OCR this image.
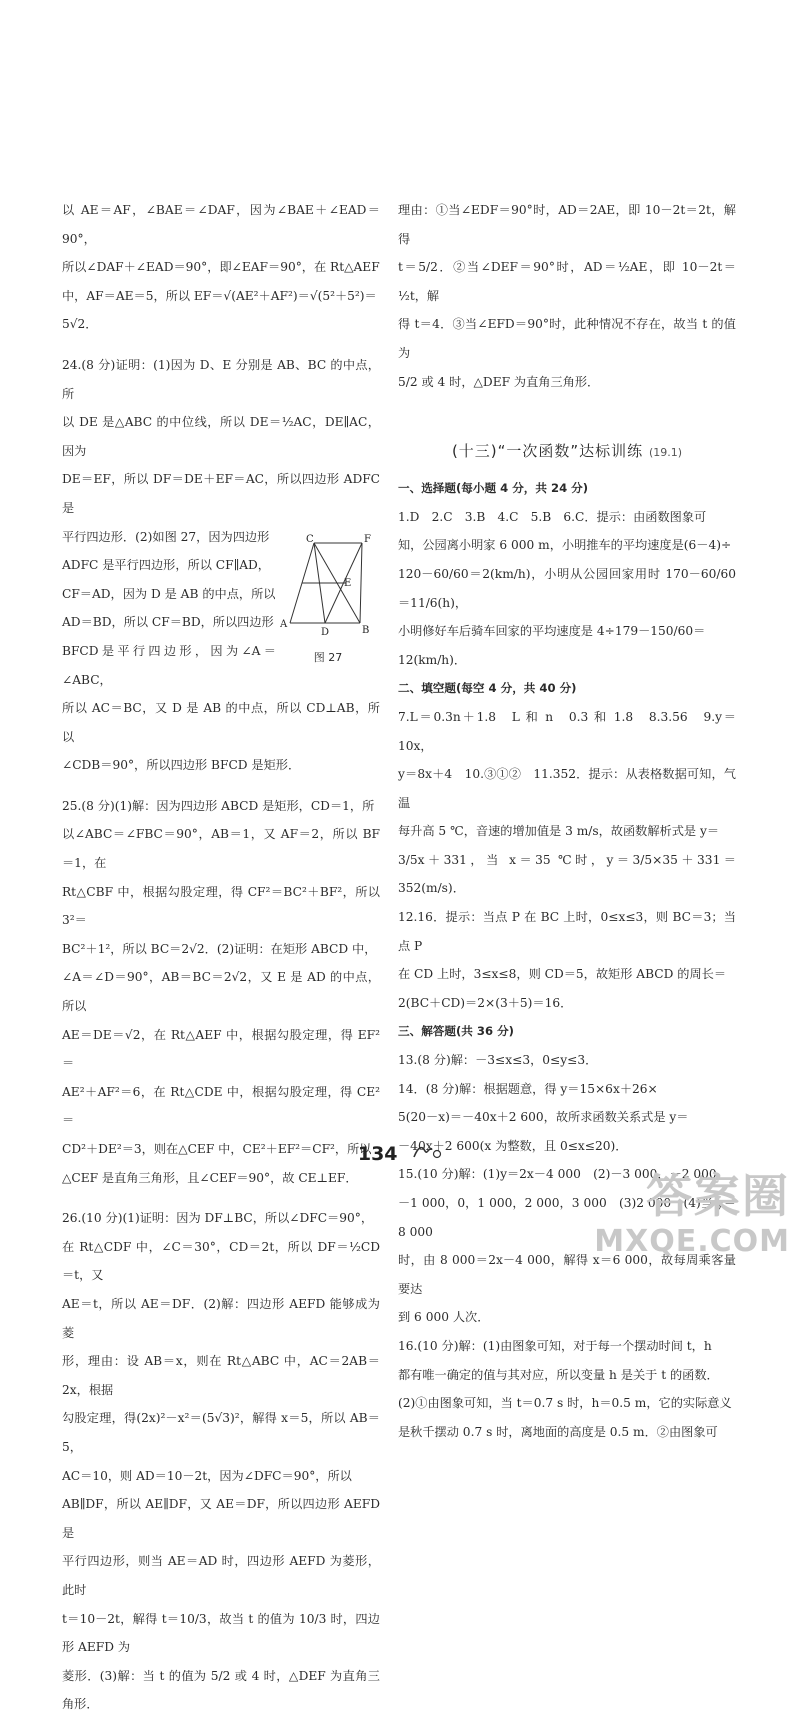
以 AE＝AF，∠BAE＝∠DAF，因为∠BAE＋∠EAD＝90°，

所以∠DAF＋∠EAD＝90°，即∠EAF＝90°，在 Rt△AEF

中，AF＝AE＝5，所以 EF＝√(AE²＋AF²)＝√(5²＋5²)＝

5√2．

24.(8 分)证明：(1)因为 D、E 分别是 AB、BC 的中点，所

以 DE 是△ABC 的中位线，所以 DE＝½AC，DE∥AC，因为

DE＝EF，所以 DF＝DE＋EF＝AC，所以四边形 ADFC 是

平行四边形．(2)如图 27，因为四边形

ADFC 是平行四边形，所以 CF∥AD，

CF＝AD，因为 D 是 AB 的中点，所以

AD＝BD，所以 CF＝BD，所以四边形

BFCD是平行四边形，因为∠A＝∠ABC，

C	F
E
A
D	B
图 27

所以 AC＝BC，又 D 是 AB 的中点，所以 CD⊥AB，所以

∠CDB＝90°，所以四边形 BFCD 是矩形．

25.(8 分)(1)解：因为四边形 ABCD 是矩形，CD＝1，所

以∠ABC＝∠FBC＝90°，AB＝1，又 AF＝2，所以 BF＝1，在

Rt△CBF 中，根据勾股定理，得 CF²＝BC²＋BF²，所以 3²＝

BC²＋1²，所以 BC＝2√2．(2)证明：在矩形 ABCD 中，

∠A＝∠D＝90°，AB＝BC＝2√2，又 E 是 AD 的中点，所以

AE＝DE＝√2，在 Rt△AEF 中，根据勾股定理，得 EF²＝

AE²＋AF²＝6，在 Rt△CDE 中，根据勾股定理，得 CE²＝

CD²＋DE²＝3，则在△CEF 中，CE²＋EF²＝CF²，所以

△CEF 是直角三角形，且∠CEF＝90°，故 CE⊥EF．

26.(10 分)(1)证明：因为 DF⊥BC，所以∠DFC＝90°，

在 Rt△CDF 中，∠C＝30°，CD＝2t，所以 DF＝½CD＝t，又

AE＝t，所以 AE＝DF．(2)解：四边形 AEFD 能够成为菱

形，理由：设 AB＝x，则在 Rt△ABC 中，AC＝2AB＝2x，根据

勾股定理，得(2x)²－x²＝(5√3)²，解得 x＝5，所以 AB＝5，

AC＝10，则 AD＝10－2t，因为∠DFC＝90°，所以

AB∥DF，所以 AE∥DF，又 AE＝DF，所以四边形 AEFD 是

平行四边形，则当 AE＝AD 时，四边形 AEFD 为菱形，此时

t＝10－2t，解得 t＝10/3，故当 t 的值为 10/3 时，四边形 AEFD 为

菱形．(3)解：当 t 的值为 5/2 或 4 时，△DEF 为直角三角形．

理由：①当∠EDF＝90°时，AD＝2AE，即 10－2t＝2t，解得

t＝5/2．②当∠DEF＝90°时，AD＝½AE，即 10－2t＝½t，解

得 t＝4．③当∠EFD＝90°时，此种情况不存在，故当 t 的值为

5/2 或 4 时，△DEF 为直角三角形．

(十三)“一次函数”达标训练 (19.1)

一、选择题(每小题 4 分，共 24 分)

1.D　2.C　3.B　4.C　5.B　6.C．提示：由函数图象可

知，公园离小明家 6 000 m，小明推车的平均速度是(6－4)÷

120－60/60＝2(km/h)，小明从公园回家用时 170－60/60＝11/6(h)，

小明修好车后骑车回家的平均速度是 4÷179－150/60＝

12(km/h)．

二、填空题(每空 4 分，共 40 分)

7.L＝0.3n＋1.8　L 和 n　0.3 和 1.8　8.3.56　9.y＝10x，

y＝8x＋4　10.③①②　11.352．提示：从表格数据可知，气温

每升高 5 ℃，音速的增加值是 3 m/s，故函数解析式是 y＝

3/5x＋331，当 x＝35 ℃时，y＝3/5×35＋331＝352(m/s)．

12.16．提示：当点 P 在 BC 上时，0≤x≤3，则 BC＝3；当点 P

在 CD 上时，3≤x≤8，则 CD＝5，故矩形 ABCD 的周长＝

2(BC＋CD)＝2×(3＋5)＝16．

三、解答题(共 36 分)

13.(8 分)解：－3≤x≤3，0≤y≤3．

14．(8 分)解：根据题意，得 y＝15×6x＋26×

5(20－x)＝－40x＋2 600，故所求函数关系式是 y＝

－40x＋2 600(x 为整数，且 0≤x≤20)．

15.(10 分)解：(1)y＝2x－4 000　(2)－3 000，－2 000，

－1 000，0，1 000，2 000，3 000　(3)2 000　(4)当 y＝8 000

时，由 8 000＝2x－4 000，解得 x＝6 000，故每周乘客量要达

到 6 000 人次．

16.(10 分)解：(1)由图象可知，对于每一个摆动时间 t，h

都有唯一确定的值与其对应，所以变量 h 是关于 t 的函数．

(2)①由图象可知，当 t＝0.7 s 时，h＝0.5 m，它的实际意义

是秋千摆动 0.7 s 时，离地面的高度是 0.5 m．②由图象可

134
答案圈
MXQE.COM
